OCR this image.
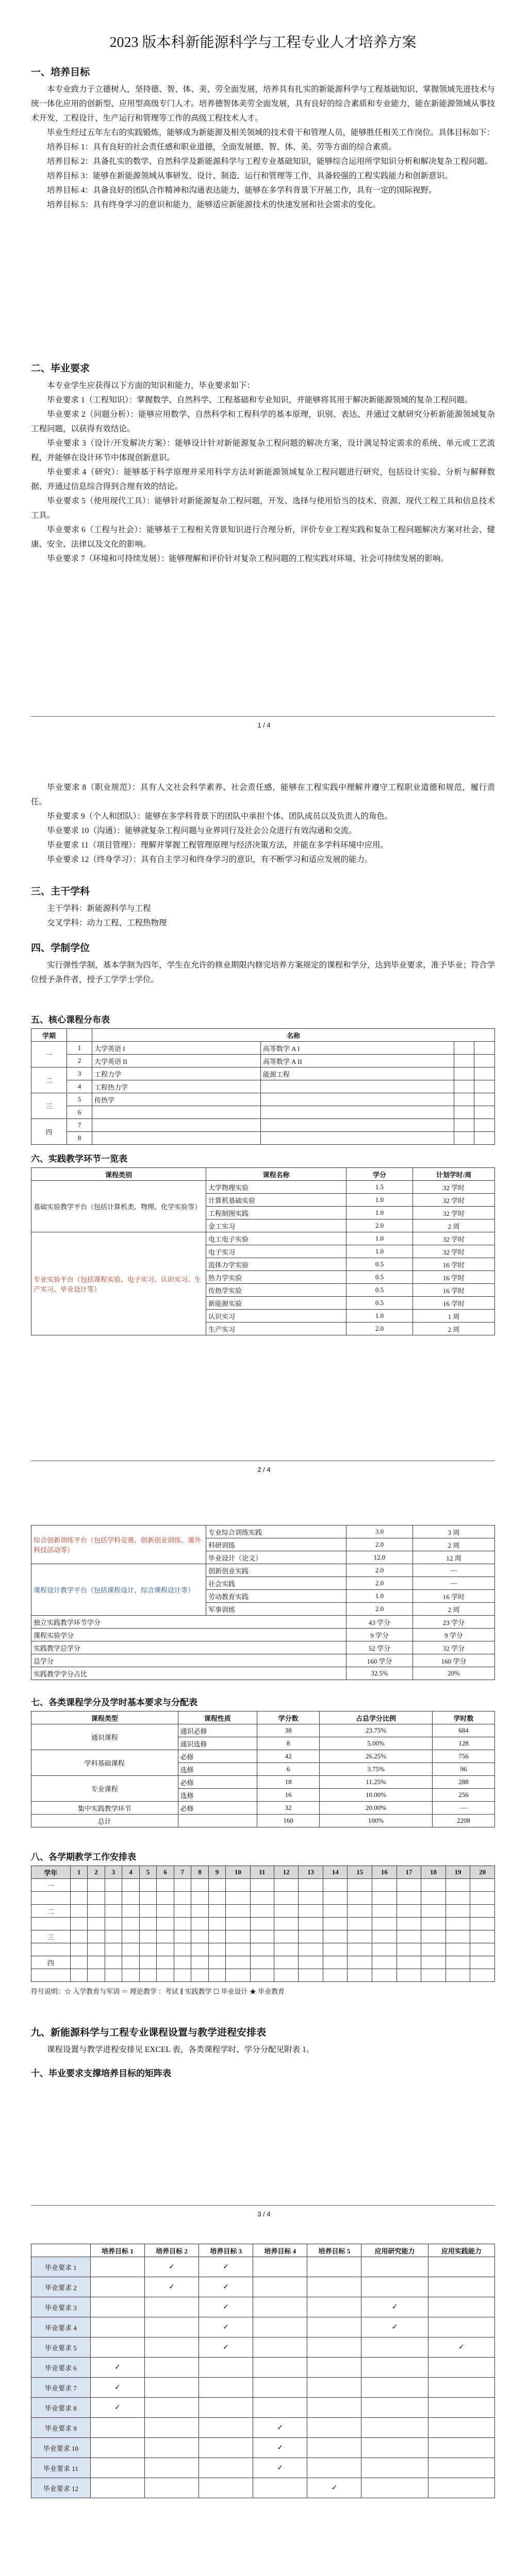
2023 版本科新能源科学与工程专业人才培养方案
一、培养目标

本专业致力于立德树人，坚持德、智、体、美、劳全面发展，培养具有扎实的新能源科学与工程基础知识、掌握领域先进技术与统一体化应用的创新型、应用型高级专门人才。培养德智体美劳全面发展，具有良好的综合素质和专业能力，能在新能源领域从事技术开发、工程设计、生产运行和管理等工作的高级工程技术人才。

毕业生经过五年左右的实践锻炼，能够成为新能源及相关领域的技术骨干和管理人员，能够胜任相关工作岗位。具体目标如下：

培养目标 1：具有良好的社会责任感和职业道德，全面发展德、智、体、美、劳等方面的综合素质。

培养目标 2：具备扎实的数学、自然科学及新能源科学与工程专业基础知识，能够综合运用所学知识分析和解决复杂工程问题。

培养目标 3：能够在新能源领域从事研发、设计、制造、运行和管理等工作，具备较强的工程实践能力和创新意识。

培养目标 4：具备良好的团队合作精神和沟通表达能力，能够在多学科背景下开展工作，具有一定的国际视野。

培养目标 5：具有终身学习的意识和能力，能够适应新能源技术的快速发展和社会需求的变化。

二、毕业要求

本专业学生应获得以下方面的知识和能力，毕业要求如下：

毕业要求 1（工程知识）：掌握数学、自然科学、工程基础和专业知识，并能够将其用于解决新能源领域的复杂工程问题。

毕业要求 2（问题分析）：能够应用数学、自然科学和工程科学的基本原理，识别、表达、并通过文献研究分析新能源领域复杂工程问题，以获得有效结论。

毕业要求 3（设计/开发解决方案）：能够设计针对新能源复杂工程问题的解决方案，设计满足特定需求的系统、单元或工艺流程，并能够在设计环节中体现创新意识。

毕业要求 4（研究）：能够基于科学原理并采用科学方法对新能源领域复杂工程问题进行研究，包括设计实验、分析与解释数据、并通过信息综合得到合理有效的结论。

毕业要求 5（使用现代工具）：能够针对新能源复杂工程问题，开发、选择与使用恰当的技术、资源、现代工程工具和信息技术工具。

毕业要求 6（工程与社会）：能够基于工程相关背景知识进行合理分析，评价专业工程实践和复杂工程问题解决方案对社会、健康、安全、法律以及文化的影响。

毕业要求 7（环境和可持续发展）：能够理解和评价针对复杂工程问题的工程实践对环境、社会可持续发展的影响。

1 / 4

毕业要求 8（职业规范）：具有人文社会科学素养、社会责任感，能够在工程实践中理解并遵守工程职业道德和规范，履行责任。

毕业要求 9（个人和团队）：能够在多学科背景下的团队中承担个体、团队成员以及负责人的角色。

毕业要求 10（沟通）：能够就复杂工程问题与业界同行及社会公众进行有效沟通和交流。

毕业要求 11（项目管理）：理解并掌握工程管理原理与经济决策方法，并能在多学科环境中应用。

毕业要求 12（终身学习）：具有自主学习和终身学习的意识，有不断学习和适应发展的能力。

三、主干学科

主干学科：新能源科学与工程

交叉学科：动力工程、工程热物理

四、学制学位

实行弹性学制，基本学制为四年，学生在允许的修业期限内修完培养方案规定的课程和学分，达到毕业要求，准予毕业；符合学位授予条件者，授予工学学士学位。

五、核心课程分布表
学期		名称			
一	1	大学英语 I	高等数学 A I		
	2	大学英语 II	高等数学 A II		
二	3	工程力学	能源工程		
	4	工程热力学			
三	5	传热学			
	6				
四	7				
	8				
六、实践教学环节一览表
课程类别	课程名称	学分	计划学时/周
基础实验教学平台（包括计算机类、物理、化学实验等）	大学物理实验	1.5	32 学时
	计算机基础实验	1.0	32 学时
	工程制图实践	1.0	32 学时
	金工实习	2.0	2 周
专业实验平台（包括课程实验、电子实习、认识实习、生产实习、毕业设计等）	电工电子实验	1.0	32 学时
	电子实习	1.0	32 学时
	流体力学实验	0.5	16 学时
	热力学实验	0.5	16 学时
	传热学实验	0.5	16 学时
	新能源实验	0.5	16 学时
	认识实习	1.0	1 周
	生产实习	2.0	2 周
2 / 4
综合创新训练平台（包括学科竞赛、创新创业训练、课外科技活动等）	专业综合训练实践	3.0	3 周
	科研训练	2.0	2 周
	毕业设计（论文）	12.0	12 周
课程设计教学平台（包括课程设计、综合课程设计等）	创新创业实践	2.0	—
	社会实践	2.0	—
	劳动教育实践	1.0	16 学时
	军事训练	2.0	2 周
独立实践教学环节学分		43 学分	23 学分
课程实验学分		9 学分	9 学分
实践教学总学分		52 学分	32 学分
总学分		160 学分	160 学分
实践教学学分占比		32.5%	20%
七、各类课程学分及学时基本要求与分配表
课程类型	课程性质	学分数	占总学分比例	学时数
通识课程	通识必修	38	23.75%	684
	通识选修	8	5.00%	128
学科基础课程	必修	42	26.25%	756
	选修	6	3.75%	96
专业课程	必修	18	11.25%	288
	选修	16	10.00%	256
集中实践教学环节	必修	32	20.00%	—
总计		160	100%	2208
八、各学期教学工作安排表
学年	1	2	3	4	5	6	7	8	9	10	11	12	13	14	15	16	17	18	19	20
一																				

二																				

三																				

四																				

符号说明：☆ 入学教育与军训 ＝ 理论教学 ：考试 ∥ 实践教学 ☐ 毕业设计 ★ 毕业教育
九、新能源科学与工程专业课程设置与教学进程安排表

课程设置与教学进程安排见 EXCEL 表，各类课程学时、学分分配见附表 1。

十、毕业要求支撑培养目标的矩阵表
3 / 4
	培养目标 1	培养目标 2	培养目标 3	培养目标 4	培养目标 5	应用研究能力	应用实践能力
毕业要求 1		✓	✓				
毕业要求 2		✓	✓				
毕业要求 3			✓			✓	
毕业要求 4			✓			✓	
毕业要求 5			✓				✓
毕业要求 6	✓						
毕业要求 7	✓						
毕业要求 8	✓						
毕业要求 9				✓			
毕业要求 10				✓			
毕业要求 11				✓			
毕业要求 12					✓		
